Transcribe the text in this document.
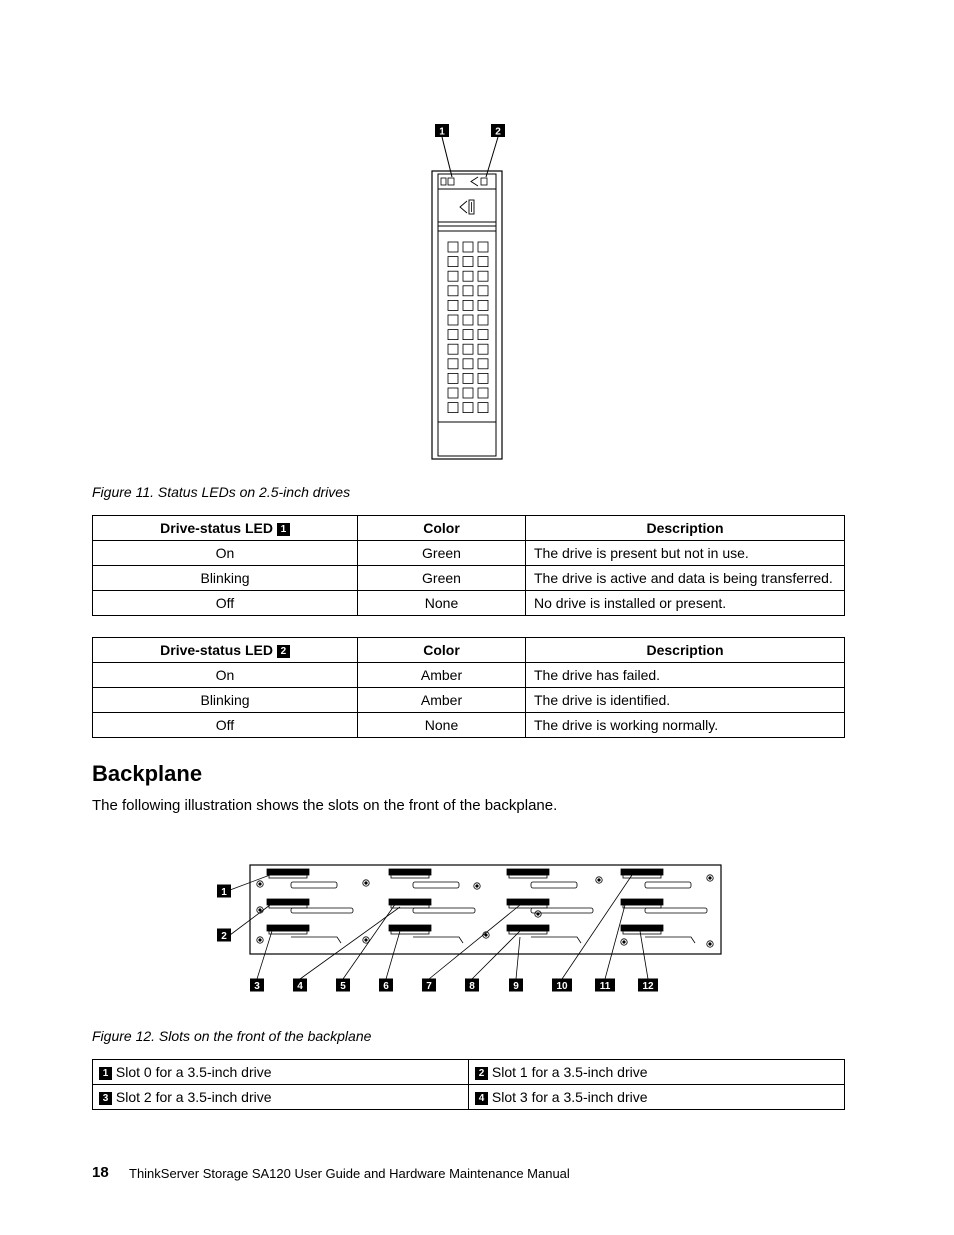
1	2
Figure 11. Status LEDs on 2.5-inch drives
Drive-status LED 1	Color	Description
On	Green	The drive is present but not in use.
Blinking	Green	The drive is active and data is being transferred.
Off	None	No drive is installed or present.
Drive-status LED 2	Color	Description
On	Amber	The drive has failed.
Blinking	Amber	The drive is identified.
Off	None	The drive is working normally.
Backplane
The following illustration shows the slots on the front of the backplane.
1
2
3	4	5	6	7	8	9	10	11	12
Figure 12. Slots on the front of the backplane
1 Slot 0 for a 3.5-inch drive	2 Slot 1 for a 3.5-inch drive
3 Slot 2 for a 3.5-inch drive	4 Slot 3 for a 3.5-inch drive
18 ThinkServer Storage SA120 User Guide and Hardware Maintenance Manual
